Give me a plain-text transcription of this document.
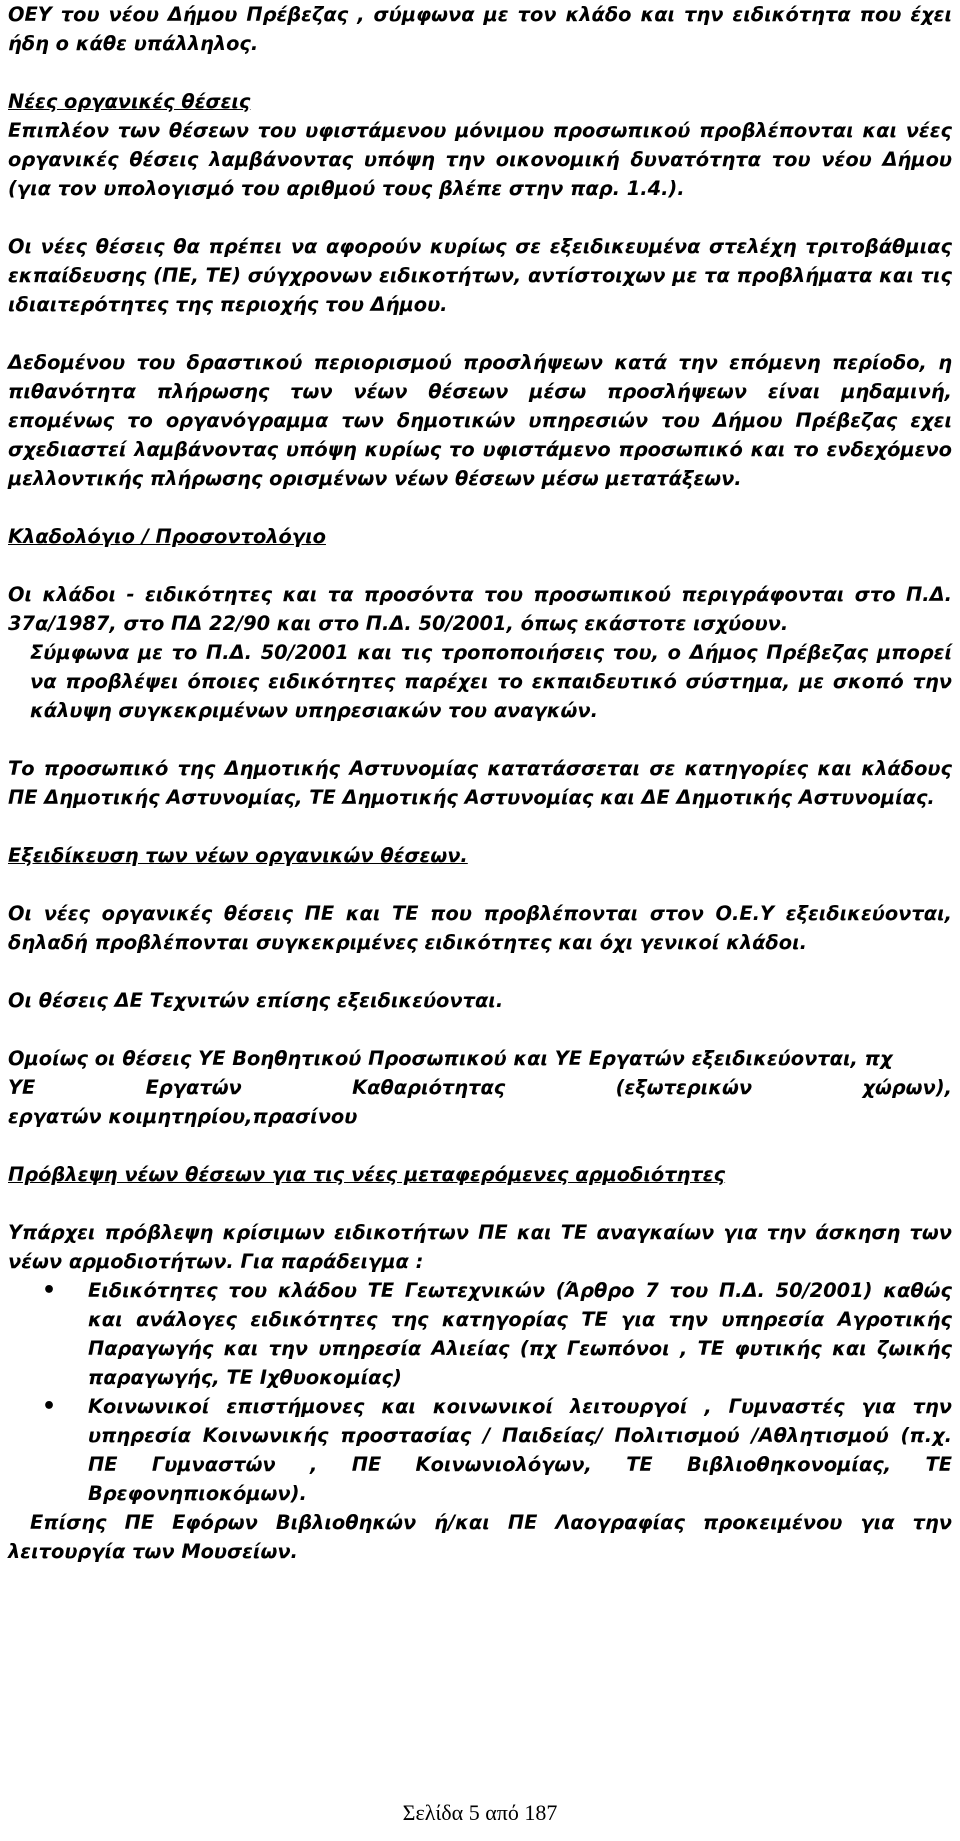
ΟΕΥ του νέου Δήμου Πρέβεζας , σύμφωνα με τον κλάδο και την ειδικότητα που έχει ήδη ο κάθε υπάλληλος.

Νέες οργανικές θέσεις

Επιπλέον των θέσεων του υφιστάμενου μόνιμου προσωπικού προβλέπονται και νέες οργανικές θέσεις λαμβάνοντας υπόψη την οικονομική δυνατότητα του νέου Δήμου (για τον υπολογισμό του αριθμού τους βλέπε στην παρ. 1.4.).

Οι νέες θέσεις θα πρέπει να αφορούν κυρίως σε εξειδικευμένα στελέχη τριτοβάθμιας εκπαίδευσης (ΠΕ, ΤΕ) σύγχρονων ειδικοτήτων, αντίστοιχων με τα προβλήματα και τις ιδιαιτερότητες της περιοχής του Δήμου.

Δεδομένου του δραστικού περιορισμού προσλήψεων κατά την επόμενη περίοδο, η πιθανότητα πλήρωσης των νέων θέσεων μέσω προσλήψεων είναι μηδαμινή, επομένως το οργανόγραμμα των δημοτικών υπηρεσιών του Δήμου Πρέβεζας εχει σχεδιαστεί λαμβάνοντας υπόψη κυρίως το υφιστάμενο προσωπικό και το ενδεχόμενο μελλοντικής πλήρωσης ορισμένων νέων θέσεων μέσω μετατάξεων.

Κλαδολόγιο / Προσοντολόγιο

Οι κλάδοι - ειδικότητες και τα προσόντα του προσωπικού περιγράφονται στο Π.Δ. 37α/1987, στο ΠΔ 22/90 και στο Π.Δ. 50/2001, όπως εκάστοτε ισχύουν.

Σύμφωνα με το Π.Δ. 50/2001 και τις τροποποιήσεις του, ο Δήμος Πρέβεζας μπορεί να προβλέψει όποιες ειδικότητες παρέχει το εκπαιδευτικό σύστημα, με σκοπό την κάλυψη συγκεκριμένων υπηρεσιακών του αναγκών.

Το προσωπικό της Δημοτικής Αστυνομίας κατατάσσεται σε κατηγορίες και κλάδους ΠΕ Δημοτικής Αστυνομίας, ΤΕ Δημοτικής Αστυνομίας και ΔΕ Δημοτικής Αστυνομίας.

Εξειδίκευση των νέων οργανικών θέσεων.

Οι νέες οργανικές θέσεις ΠΕ και ΤΕ που προβλέπονται στον Ο.Ε.Υ εξειδικεύονται, δηλαδή προβλέπονται συγκεκριμένες ειδικότητες και όχι γενικοί κλάδοι.

Οι θέσεις ΔΕ Τεχνιτών επίσης εξειδικεύονται.

Ομοίως οι θέσεις ΥΕ Βοηθητικού Προσωπικού και ΥΕ Εργατών εξειδικεύονται, πχ

ΥΕ	Εργατών	Καθαριότητας	(εξωτερικών	χώρων),

εργατών κοιμητηρίου,πρασίνου

Πρόβλεψη νέων θέσεων για τις νέες μεταφερόμενες αρμοδιότητες

Υπάρχει πρόβλεψη κρίσιμων ειδικοτήτων ΠΕ και ΤΕ αναγκαίων για την άσκηση των νέων αρμοδιοτήτων. Για παράδειγμα :

• Ειδικότητες του κλάδου ΤΕ Γεωτεχνικών (Άρθρο 7 του Π.Δ. 50/2001) καθώς και ανάλογες ειδικότητες της κατηγορίας ΤΕ για την υπηρεσία Αγροτικής Παραγωγής και την υπηρεσία Αλιείας (πχ Γεωπόνοι , ΤΕ φυτικής και ζωικής παραγωγής, ΤΕ Ιχθυοκομίας)
• Κοινωνικοί επιστήμονες και κοινωνικοί λειτουργοί , Γυμναστές για την υπηρεσία Κοινωνικής προστασίας / Παιδείας/ Πολιτισμού /Αθλητισμού (π.χ. ΠΕ Γυμναστών , ΠΕ Κοινωνιολόγων, ΤΕ Βιβλιοθηκονομίας, ΤΕ Βρεφονηπιοκόμων).

Επίσης ΠΕ Εφόρων Βιβλιοθηκών ή/και ΠΕ Λαογραφίας προκειμένου για την λειτουργία των Μουσείων.

Σελίδα 5 από 187
